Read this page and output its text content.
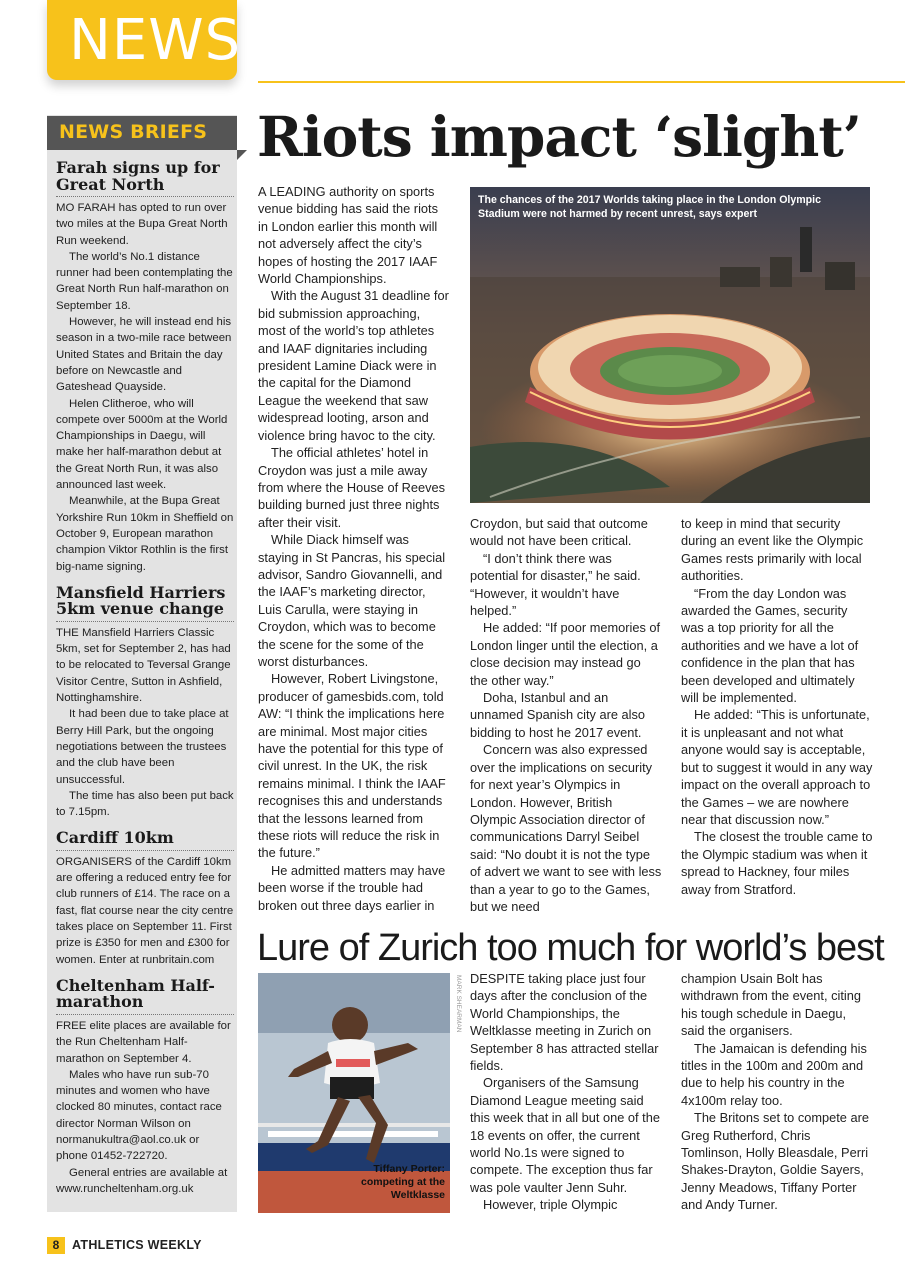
NEWS
NEWS BRIEFS
Farah signs up for Great North

MO FARAH has opted to run over two miles at the Bupa Great North Run weekend.

The world’s No.1 distance runner had been contemplating the Great North Run half-marathon on September 18.

However, he will instead end his season in a two-mile race between United States and Britain the day before on Newcastle and Gateshead Quayside.

Helen Clitheroe, who will compete over 5000m at the World Championships in Daegu, will make her half-marathon debut at the Great North Run, it was also announced last week.

Meanwhile, at the Bupa Great Yorkshire Run 10km in Sheffield on October 9, European marathon champion Viktor Rothlin is the first big-name signing.

Mansfield Harriers 5km venue change

THE Mansfield Harriers Classic 5km, set for September 2, has had to be relocated to Teversal Grange Visitor Centre, Sutton in Ashfield, Nottinghamshire.

It had been due to take place at Berry Hill Park, but the ongoing negotiations between the trustees and the club have been unsuccessful.

The time has also been put back to 7.15pm.

Cardiff 10km

ORGANISERS of the Cardiff 10km are offering a reduced entry fee for club runners of £14. The race on a fast, flat course near the city centre takes place on September 11. First prize is £350 for men and £300 for women. Enter at runbritain.com

Cheltenham Half-marathon

FREE elite places are available for the Run Cheltenham Half-marathon on September 4.

Males who have run sub-70 minutes and women who have clocked 80 minutes, contact race director Norman Wilson on normanukultra@aol.co.uk or phone 01452-722720.

General entries are available at www.runcheltenham.org.uk

Riots impact ‘slight’

A LEADING authority on sports venue bidding has said the riots in London earlier this month will not adversely affect the city’s hopes of hosting the 2017 IAAF World Championships.

With the August 31 deadline for bid submission approaching, most of the world’s top athletes and IAAF dignitaries including president Lamine Diack were in the capital for the Diamond League the weekend that saw widespread looting, arson and violence bring havoc to the city.

The official athletes’ hotel in Croydon was just a mile away from where the House of Reeves building burned just three nights after their visit.

While Diack himself was staying in St Pancras, his special advisor, Sandro Giovannelli, and the IAAF’s marketing director, Luis Carulla, were staying in Croydon, which was to become the scene for the some of the worst disturbances.

However, Robert Livingstone, producer of gamesbids.com, told AW: “I think the implications here are minimal. Most major cities have the potential for this type of civil unrest. In the UK, the risk remains minimal. I think the IAAF recognises this and understands that the lessons learned from these riots will reduce the risk in the future.”

He admitted matters may have been worse if the trouble had broken out three days earlier in

The chances of the 2017 Worlds taking place in the London Olympic Stadium were not harmed by recent unrest, says expert

Croydon, but said that outcome would not have been critical.

“I don’t think there was potential for disaster,” he said. “However, it wouldn’t have helped.”

He added: “If poor memories of London linger until the election, a close decision may instead go the other way.”

Doha, Istanbul and an unnamed Spanish city are also bidding to host he 2017 event.

Concern was also expressed over the implications on security for next year’s Olympics in London. However, British Olympic Association director of communications Darryl Seibel said: “No doubt it is not the type of advert we want to see with less than a year to go to the Games, but we need

to keep in mind that security during an event like the Olympic Games rests primarily with local authorities.

“From the day London was awarded the Games, security was a top priority for all the authorities and we have a lot of confidence in the plan that has been developed and ultimately will be implemented.

He added: “This is unfortunate, it is unpleasant and not what anyone would say is acceptable, but to suggest it would in any way impact on the overall approach to the Games – we are nowhere near that discussion now.”

The closest the trouble came to the Olympic stadium was when it spread to Hackney, four miles away from Stratford.

Lure of Zurich too much for world’s best
MARK SHEARMAN
Tiffany Porter: competing at the Weltklasse

DESPITE taking place just four days after the conclusion of the World Championships, the Weltklasse meeting in Zurich on September 8 has attracted stellar fields.

Organisers of the Samsung Diamond League meeting said this week that in all but one of the 18 events on offer, the current world No.1s were signed to compete. The exception thus far was pole vaulter Jenn Suhr.

However, triple Olympic

champion Usain Bolt has withdrawn from the event, citing his tough schedule in Daegu, said the organisers.

The Jamaican is defending his titles in the 100m and 200m and due to help his country in the 4x100m relay too.

The Britons set to compete are Greg Rutherford, Chris Tomlinson, Holly Bleasdale, Perri Shakes-Drayton, Goldie Sayers, Jenny Meadows, Tiffany Porter and Andy Turner.

8	ATHLETICS WEEKLY
